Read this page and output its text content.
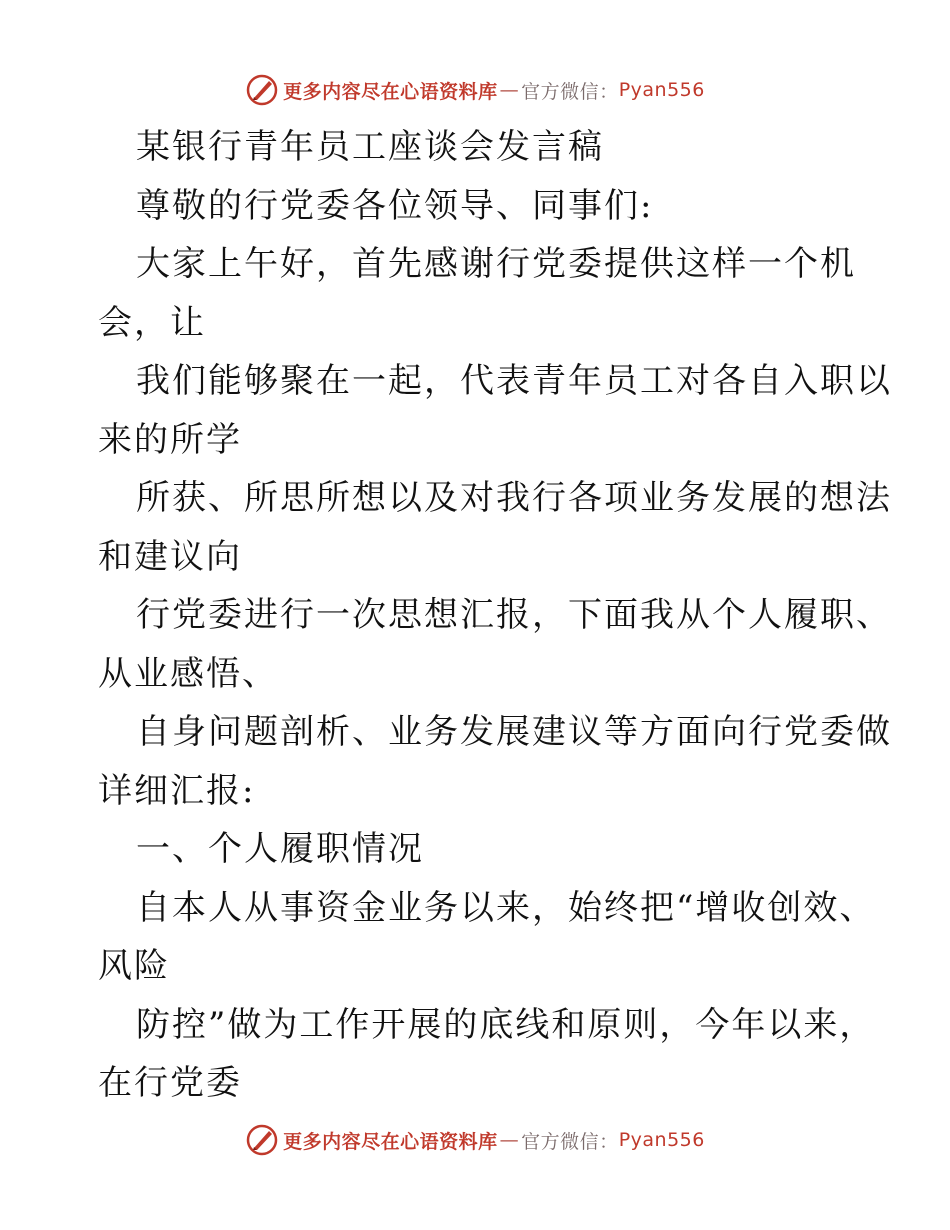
更多内容尽在心语资料库 — 官方微信： Pyan556
某银行青年员工座谈会发言稿
尊敬的行党委各位领导、同事们:
大家上午好，首先感谢行党委提供这样一个机
会，让
我们能够聚在一起，代表青年员工对各自入职以
来的所学
所获、所思所想以及对我行各项业务发展的想法
和建议向
行党委进行一次思想汇报，下面我从个人履职、
从业感悟、
自身问题剖析、业务发展建议等方面向行党委做
详细汇报:
一、个人履职情况
自本人从事资金业务以来，始终把“增收创效、
风险
防控”做为工作开展的底线和原则，今年以来，
在行党委
更多内容尽在心语资料库 — 官方微信： Pyan556
